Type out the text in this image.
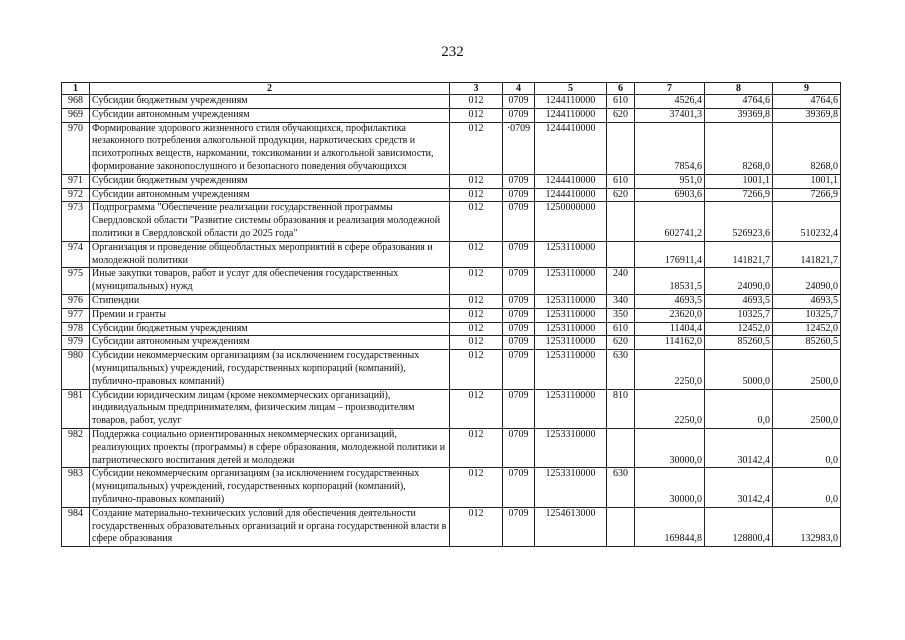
232
1	2	3	4	5	6	7	8	9
968	Субсидии бюджетным учреждениям	012	0709	1244110000	610	4526,4	4764,6	4764,6
969	Субсидии автономным учреждениям	012	0709	1244110000	620	37401,3	39369,8	39369,8
970	Формирование здорового жизненного стиля обучающихся, профилактика незаконного потребления алкогольной продукции, наркотических средств и психотропных веществ, наркомании, токсикомании и алкогольной зависимости, формирование законопослушного и безопасного поведения обучающихся	012	·0709	1244410000		7854,6	8268,0	8268,0
971	Субсидии бюджетным учреждениям	012	0709	1244410000	610	951,0	1001,1	1001,1
972	Субсидии автономным учреждениям	012	0709	1244410000	620	6903,6	7266,9	7266,9
973	Подпрограмма "Обеспечение реализации государственной программы Свердловской области "Развитие системы образования и реализация молодежной политики в Свердловской области до 2025 года"	012	0709	1250000000		602741,2	526923,6	510232,4
974	Организация и проведение общеобластных мероприятий в сфере образования и молодежной политики	012	0709	1253110000		176911,4	141821,7	141821,7
975	Иные закупки товаров, работ и услуг для обеспечения государственных (муниципальных) нужд	012	0709	1253110000	240	18531,5	24090,0	24090,0
976	Стипендии	012	0709	1253110000	340	4693,5	4693,5	4693,5
977	Премии и гранты	012	0709	1253110000	350	23620,0	10325,7	10325,7
978	Субсидии бюджетным учреждениям	012	0709	1253110000	610	11404,4	12452,0	12452,0
979	Субсидии автономным учреждениям	012	0709	1253110000	620	114162,0	85260,5	85260,5
980	Субсидии некоммерческим организациям (за исключением государственных (муниципальных) учреждений, государственных корпораций (компаний), публично-правовых компаний)	012	0709	1253110000	630	2250,0	5000,0	2500,0
981	Субсидии юридическим лицам (кроме некоммерческих организаций), индивидуальным предпринимателям, физическим лицам – производителям товаров, работ, услуг	012	0709	1253110000	810	2250,0	0,0	2500,0
982	Поддержка социально ориентированных некоммерческих организаций, реализующих проекты (программы) в сфере образования, молодежной политики и патриотического воспитания детей и молодежи	012	0709	1253310000		30000,0	30142,4	0,0
983	Субсидии некоммерческим организациям (за исключением государственных (муниципальных) учреждений, государственных корпораций (компаний), публично-правовых компаний)	012	0709	1253310000	630	30000,0	30142,4	0,0
984	Создание материально-технических условий для обеспечения деятельности государственных образовательных организаций и органа государственной власти в сфере образования	012	0709	1254613000		169844,8	128800,4	132983,0
